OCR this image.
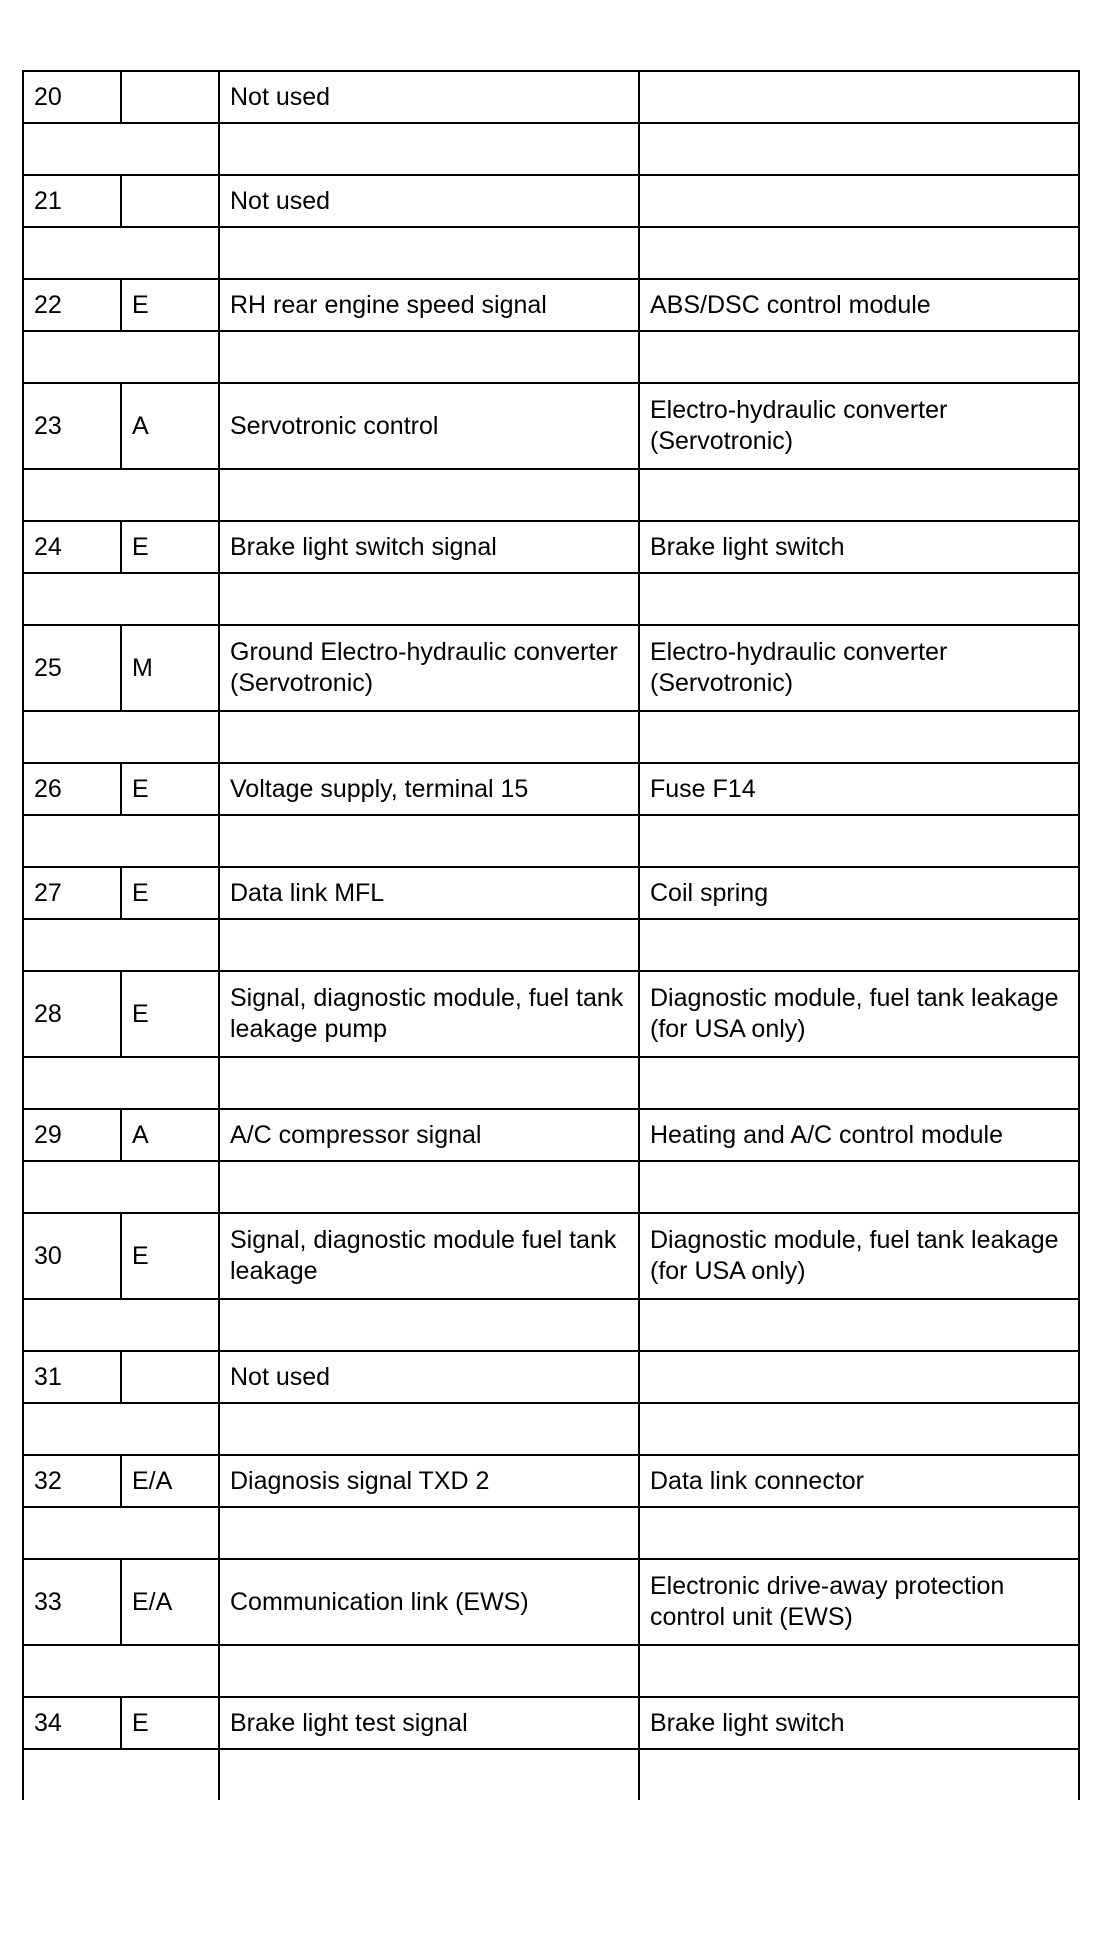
20		Not used	

21		Not used	

22	E	RH rear engine speed signal	ABS/DSC control module

23	A	Servotronic control	Electro-hydraulic converter (Servotronic)

24	E	Brake light switch signal	Brake light switch

25	M	Ground Electro-hydraulic converter (Servotronic)	Electro-hydraulic converter (Servotronic)

26	E	Voltage supply, terminal 15	Fuse F14

27	E	Data link MFL	Coil spring

28	E	Signal, diagnostic module, fuel tank leakage pump	Diagnostic module, fuel tank leakage (for USA only)

29	A	A/C compressor signal	Heating and A/C control module

30	E	Signal, diagnostic module fuel tank leakage	Diagnostic module, fuel tank leakage (for USA only)

31		Not used	

32	E/A	Diagnosis signal TXD 2	Data link connector

33	E/A	Communication link (EWS)	Electronic drive-away protection control unit (EWS)

34	E	Brake light test signal	Brake light switch
